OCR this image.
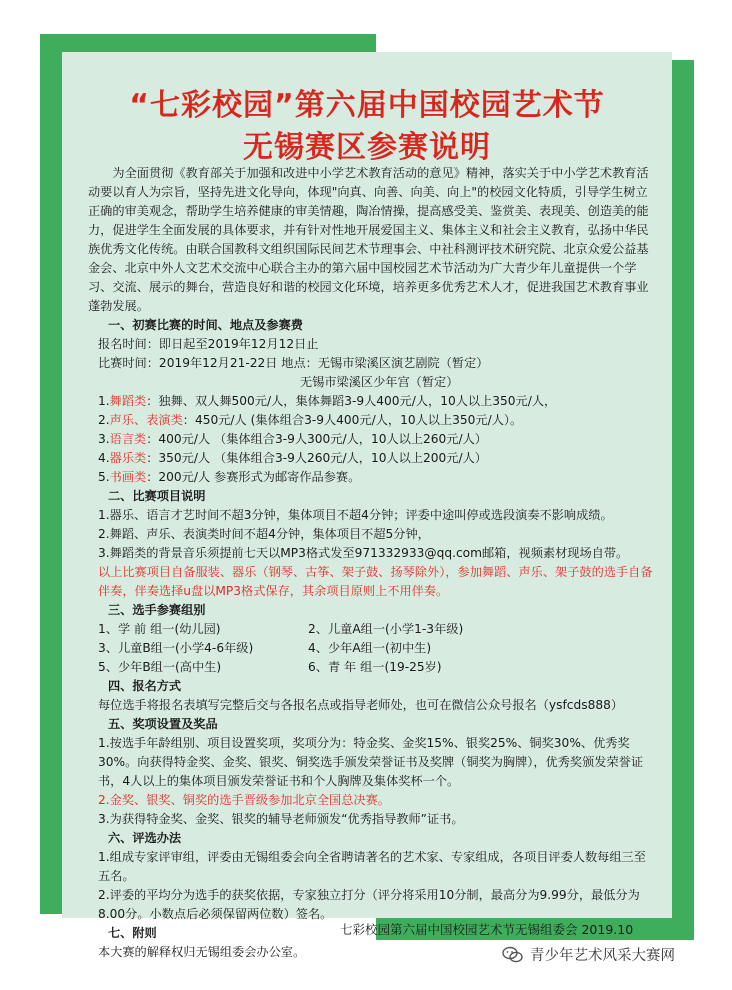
“七彩校园”第六届中国校园艺术节
无锡赛区参赛说明

为全面贯彻《教育部关于加强和改进中小学艺术教育活动的意见》精神，落实关于中小学艺术教育活动要以育人为宗旨，坚持先进文化导向，体现"向真、向善、向美、向上"的校园文化特质，引导学生树立正确的审美观念，帮助学生培养健康的审美情趣，陶冶情操，提高感受美、鉴赏美、表现美、创造美的能力，促进学生全面发展的具体要求，并有针对性地开展爱国主义、集体主义和社会主义教育，弘扬中华民族优秀文化传统。由联合国教科文组织国际民间艺术节理事会、中社科测评技术研究院、北京众爱公益基金会、北京中外人文艺术交流中心联合主办的第六届中国校园艺术节活动为广大青少年儿童提供一个学习、交流、展示的舞台，营造良好和谐的校园文化环境，培养更多优秀艺术人才，促进我国艺术教育事业蓬勃发展。

一、初赛比赛的时间、地点及参赛费

报名时间：即日起至2019年12月12日止

比赛时间：2019年12月21-22日 地点：无锡市梁溪区演艺剧院（暂定）

无锡市梁溪区少年宫（暂定）

1.舞蹈类：独舞、双人舞500元/人，集体舞蹈3-9人400元/人，10人以上350元/人，

2.声乐、表演类：450元/人 (集体组合3-9人400元/人，10人以上350元/人）。

3.语言类：400元/人 （集体组合3-9人300元/人，10人以上260元/人）

4.器乐类：350元/人 （集体组合3-9人260元/人，10人以上200元/人）

5.书画类：200元/人 参赛形式为邮寄作品参赛。

二、比赛项目说明

1.器乐、语言才艺时间不超3分钟，集体项目不超4分钟；评委中途叫停或选段演奏不影响成绩。

2.舞蹈、声乐、表演类时间不超4分钟，集体项目不超5分钟，

3.舞蹈类的背景音乐须提前七天以MP3格式发至971332933@qq.com邮箱，视频素材现场自带。

以上比赛项目自备服装、器乐（钢琴、古筝、架子鼓、扬琴除外），参加舞蹈、声乐、架子鼓的选手自备伴奏，伴奏选择u盘以MP3格式保存，其余项目原则上不用伴奏。

三、选手参赛组别

1、学 前 组一(幼儿园)	2、儿童A组一(小学1-3年级)
3、儿童B组一(小学4-6年级)	4、少年A组一(初中生)
5、少年B组一(高中生)	6、青 年 组一(19-25岁)

四、报名方式

每位选手将报名表填写完整后交与各报名点或指导老师处，也可在微信公众号报名（ysfcds888）

五、奖项设置及奖品

1.按选手年龄组别、项目设置奖项，奖项分为：特金奖、金奖15%、银奖25%、铜奖30%、优秀奖30%。向获得特金奖、金奖、银奖、铜奖选手颁发荣誉证书及奖牌（铜奖为胸牌），优秀奖颁发荣誉证书，4人以上的集体项目颁发荣誉证书和个人胸牌及集体奖杯一个。

2.金奖、银奖、铜奖的选手晋级参加北京全国总决赛。

3.为获得特金奖、金奖、银奖的辅导老师颁发“优秀指导教师”证书。

六、评选办法

1.组成专家评审组，评委由无锡组委会向全省聘请著名的艺术家、专家组成，各项目评委人数每组三至五名。

2.评委的平均分为选手的获奖依据，专家独立打分（评分将采用10分制，最高分为9.99分，最低分为8.00分。小数点后必须保留两位数）签名。

七、附则

本大赛的解释权归无锡组委会办公室。

七彩校园第六届中国校园艺术节无锡组委会 2019.10
青少年艺术风采大赛网
